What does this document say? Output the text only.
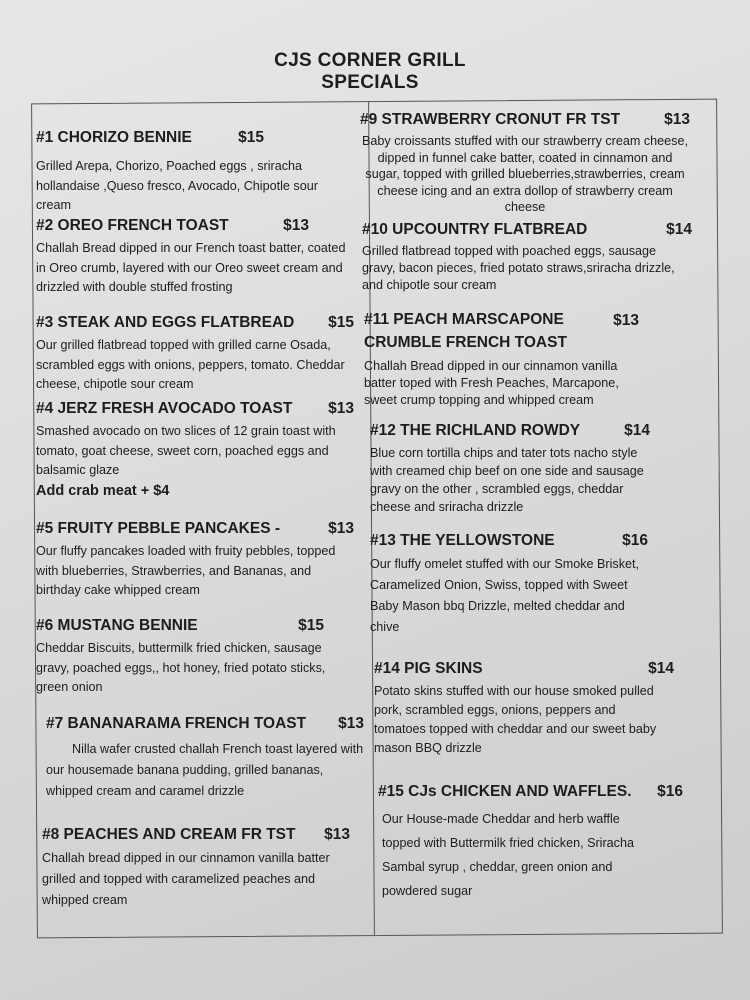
CJS CORNER GRILL
SPECIALS
#1 CHORIZO BENNIE	$15

Grilled Arepa, Chorizo, Poached eggs , sriracha hollandaise ,Queso fresco, Avocado, Chipotle sour cream

#2 OREO FRENCH TOAST	$13

Challah Bread dipped in our French toast batter, coated in Oreo crumb, layered with our Oreo sweet cream and drizzled with double stuffed frosting

#3 STEAK AND EGGS FLATBREAD $15

Our grilled flatbread topped with grilled carne Osada, scrambled eggs with onions, peppers, tomato. Cheddar cheese, chipotle sour cream

#4 JERZ FRESH AVOCADO TOAST $13

Smashed avocado on two slices of 12 grain toast with tomato, goat cheese, sweet corn, poached eggs and balsamic glaze

Add crab meat + $4
#5 FRUITY PEBBLE PANCAKES -	$13

Our fluffy pancakes loaded with fruity pebbles, topped with blueberries, Strawberries, and Bananas, and birthday cake whipped cream

#6 MUSTANG BENNIE	$15

Cheddar Biscuits, buttermilk fried chicken, sausage gravy, poached eggs,, hot honey, fried potato sticks, green onion

#7 BANANARAMA FRENCH TOAST $13

Nilla wafer crusted challah French toast layered with our housemade banana pudding, grilled bananas, whipped cream and caramel drizzle

#8 PEACHES AND CREAM FR TST $13

Challah bread dipped in our cinnamon vanilla batter grilled and topped with caramelized peaches and whipped cream

#9 STRAWBERRY CRONUT FR TST	$13

Baby croissants stuffed with our strawberry cream cheese, dipped in funnel cake batter, coated in cinnamon and sugar, topped with grilled blueberries,strawberries, cream cheese icing and an extra dollop of strawberry cream cheese

#10 UPCOUNTRY FLATBREAD	$14

Grilled flatbread topped with poached eggs, sausage gravy, bacon pieces, fried potato straws,sriracha drizzle, and chipotle sour cream

#11 PEACH MARSCAPONE CRUMBLE FRENCH TOAST
$13

Challah Bread dipped in our cinnamon vanilla batter toped with Fresh Peaches, Marcapone, sweet crump topping and whipped cream

#12 THE RICHLAND ROWDY	$14

Blue corn tortilla chips and tater tots nacho style with creamed chip beef on one side and sausage gravy on the other , scrambled eggs, cheddar cheese and sriracha drizzle

#13 THE YELLOWSTONE	$16

Our fluffy omelet stuffed with our Smoke Brisket, Caramelized Onion, Swiss, topped with Sweet Baby Mason bbq Drizzle, melted cheddar and chive

#14 PIG SKINS	$14

Potato skins stuffed with our house smoked pulled pork, scrambled eggs, onions, peppers and tomatoes topped with cheddar and our sweet baby mason BBQ drizzle

#15 CJs CHICKEN AND WAFFLES. $16

Our House-made Cheddar and herb waffle topped with Buttermilk fried chicken, Sriracha Sambal syrup , cheddar, green onion and powdered sugar
